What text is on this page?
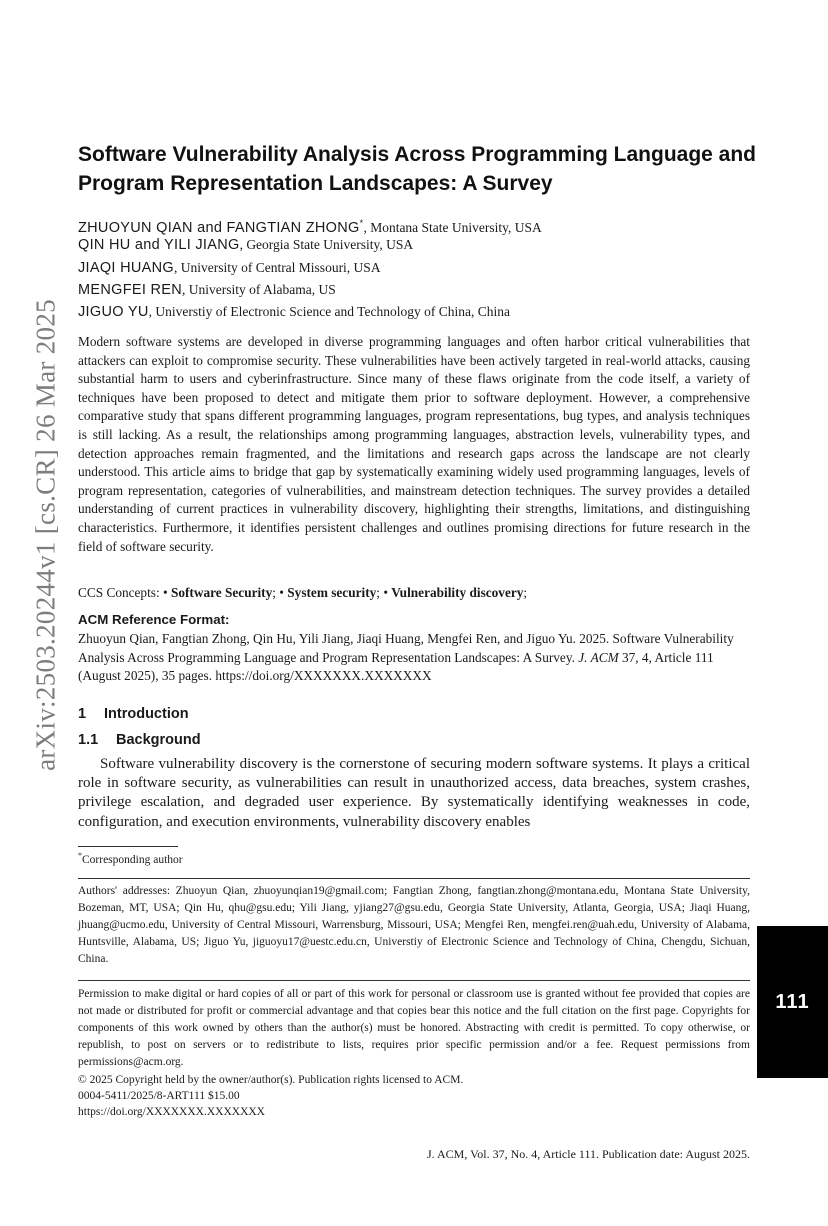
arXiv:2503.20244v1 [cs.CR] 26 Mar 2025
Software Vulnerability Analysis Across Programming Language and Program Representation Landscapes: A Survey
ZHUOYUN QIAN and FANGTIAN ZHONG*, Montana State University, USA
QIN HU and YILI JIANG, Georgia State University, USA
JIAQI HUANG, University of Central Missouri, USA
MENGFEI REN, University of Alabama, US
JIGUO YU, Universtiy of Electronic Science and Technology of China, China

Modern software systems are developed in diverse programming languages and often harbor critical vulnerabilities that attackers can exploit to compromise security. These vulnerabilities have been actively targeted in real-world attacks, causing substantial harm to users and cyberinfrastructure. Since many of these flaws originate from the code itself, a variety of techniques have been proposed to detect and mitigate them prior to software deployment. However, a comprehensive comparative study that spans different programming languages, program representations, bug types, and analysis techniques is still lacking. As a result, the relationships among programming languages, abstraction levels, vulnerability types, and detection approaches remain fragmented, and the limitations and research gaps across the landscape are not clearly understood. This article aims to bridge that gap by systematically examining widely used programming languages, levels of program representation, categories of vulnerabilities, and mainstream detection techniques. The survey provides a detailed understanding of current practices in vulnerability discovery, highlighting their strengths, limitations, and distinguishing characteristics. Furthermore, it identifies persistent challenges and outlines promising directions for future research in the field of software security.

CCS Concepts: • Software Security; • System security; • Vulnerability discovery;

ACM Reference Format:

Zhuoyun Qian, Fangtian Zhong, Qin Hu, Yili Jiang, Jiaqi Huang, Mengfei Ren, and Jiguo Yu. 2025. Software Vulnerability Analysis Across Programming Language and Program Representation Landscapes: A Survey. J. ACM 37, 4, Article 111 (August 2025), 35 pages. https://doi.org/XXXXXXX.XXXXXXX

1 Introduction

1.1 Background

Software vulnerability discovery is the cornerstone of securing modern software systems. It plays a critical role in software security, as vulnerabilities can result in unauthorized access, data breaches, system crashes, privilege escalation, and degraded user experience. By systematically identifying weaknesses in code, configuration, and execution environments, vulnerability discovery enables

*Corresponding author

Authors' addresses: Zhuoyun Qian, zhuoyunqian19@gmail.com; Fangtian Zhong, fangtian.zhong@montana.edu, Montana State University, Bozeman, MT, USA; Qin Hu, qhu@gsu.edu; Yili Jiang, yjiang27@gsu.edu, Georgia State University, Atlanta, Georgia, USA; Jiaqi Huang, jhuang@ucmo.edu, University of Central Missouri, Warrensburg, Missouri, USA; Mengfei Ren, mengfei.ren@uah.edu, University of Alabama, Huntsville, Alabama, US; Jiguo Yu, jiguoyu17@uestc.edu.cn, Universtiy of Electronic Science and Technology of China, Chengdu, Sichuan, China.

Permission to make digital or hard copies of all or part of this work for personal or classroom use is granted without fee provided that copies are not made or distributed for profit or commercial advantage and that copies bear this notice and the full citation on the first page. Copyrights for components of this work owned by others than the author(s) must be honored. Abstracting with credit is permitted. To copy otherwise, or republish, to post on servers or to redistribute to lists, requires prior specific permission and/or a fee. Request permissions from permissions@acm.org.

© 2025 Copyright held by the owner/author(s). Publication rights licensed to ACM.
0004-5411/2025/8-ART111 $15.00
https://doi.org/XXXXXXX.XXXXXXX

J. ACM, Vol. 37, No. 4, Article 111. Publication date: August 2025.

111
